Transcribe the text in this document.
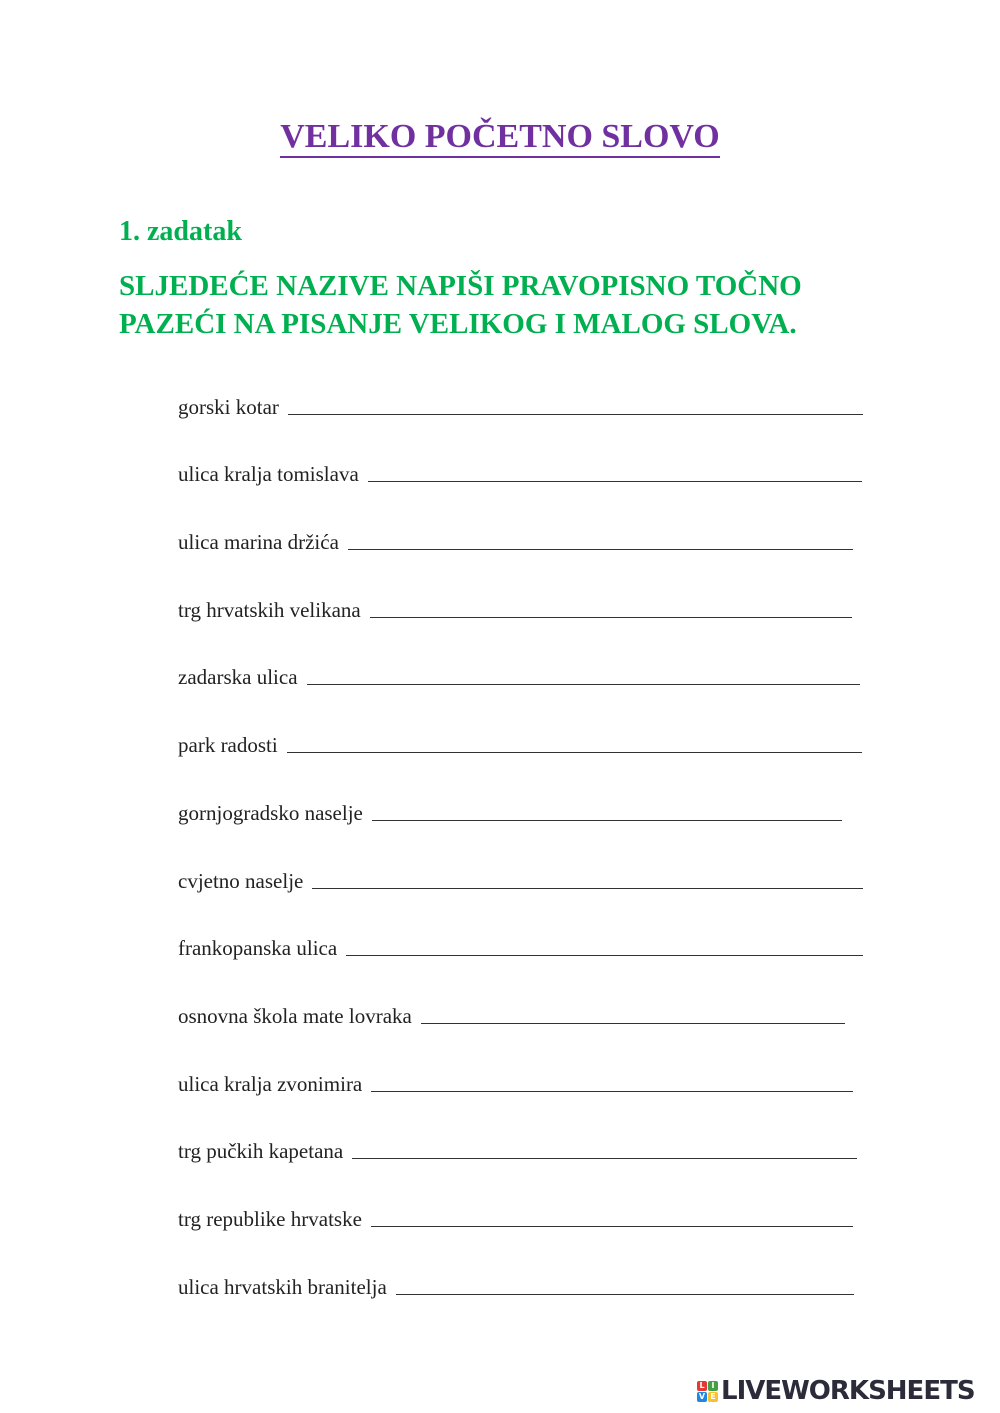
VELIKO POČETNO SLOVO
1. zadatak

SLJEDEĆE NAZIVE NAPIŠI PRAVOPISNO TOČNO
PAZEĆI NA PISANJE VELIKOG I MALOG SLOVA.

gorski kotar
ulica kralja tomislava
ulica marina držića
trg hrvatskih velikana
zadarska ulica
park radosti
gornjogradsko naselje
cvjetno naselje
frankopanska ulica
osnovna škola mate lovraka
ulica kralja zvonimira
trg pučkih kapetana
trg republike hrvatske
ulica hrvatskih branitelja
L I
V E LIVEWORKSHEETS
